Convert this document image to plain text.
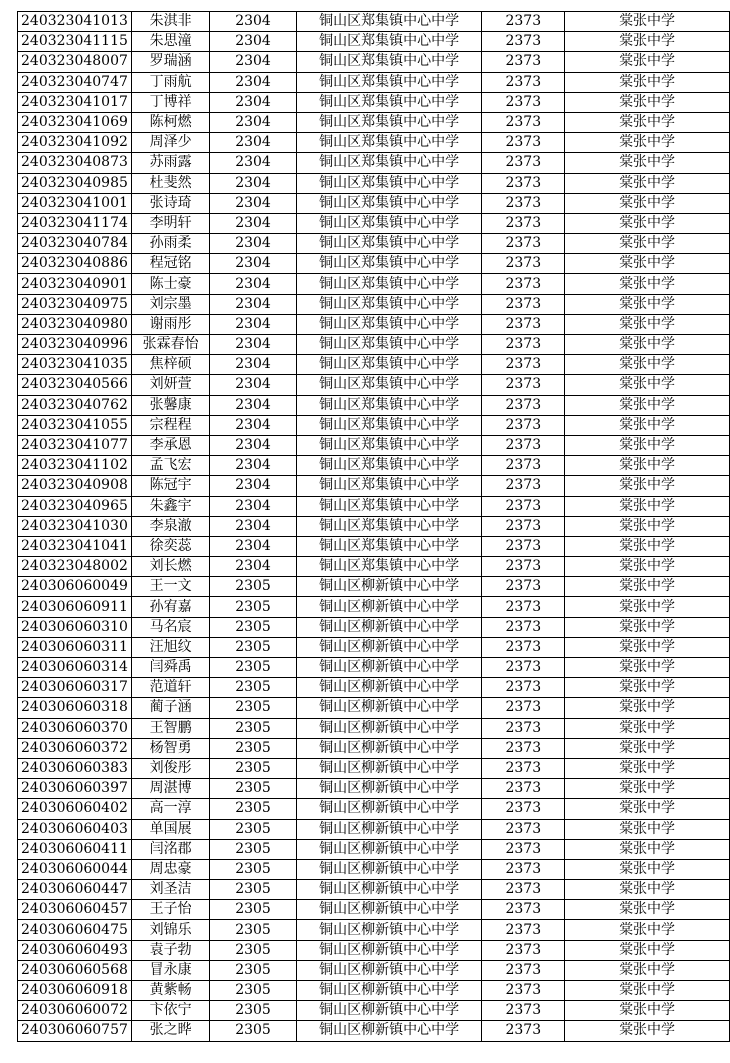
240323041013	朱淇非	2304	铜山区郑集镇中心中学	2373	棠张中学
240323041115	朱思潼	2304	铜山区郑集镇中心中学	2373	棠张中学
240323048007	罗瑞涵	2304	铜山区郑集镇中心中学	2373	棠张中学
240323040747	丁雨航	2304	铜山区郑集镇中心中学	2373	棠张中学
240323041017	丁博祥	2304	铜山区郑集镇中心中学	2373	棠张中学
240323041069	陈柯燃	2304	铜山区郑集镇中心中学	2373	棠张中学
240323041092	周泽少	2304	铜山区郑集镇中心中学	2373	棠张中学
240323040873	苏雨露	2304	铜山区郑集镇中心中学	2373	棠张中学
240323040985	杜斐然	2304	铜山区郑集镇中心中学	2373	棠张中学
240323041001	张诗琦	2304	铜山区郑集镇中心中学	2373	棠张中学
240323041174	李明轩	2304	铜山区郑集镇中心中学	2373	棠张中学
240323040784	孙雨柔	2304	铜山区郑集镇中心中学	2373	棠张中学
240323040886	程冠铭	2304	铜山区郑集镇中心中学	2373	棠张中学
240323040901	陈士豪	2304	铜山区郑集镇中心中学	2373	棠张中学
240323040975	刘宗墨	2304	铜山区郑集镇中心中学	2373	棠张中学
240323040980	谢雨彤	2304	铜山区郑集镇中心中学	2373	棠张中学
240323040996	张霖春怡	2304	铜山区郑集镇中心中学	2373	棠张中学
240323041035	焦梓硕	2304	铜山区郑集镇中心中学	2373	棠张中学
240323040566	刘妍萱	2304	铜山区郑集镇中心中学	2373	棠张中学
240323040762	张馨康	2304	铜山区郑集镇中心中学	2373	棠张中学
240323041055	宗程程	2304	铜山区郑集镇中心中学	2373	棠张中学
240323041077	李承恩	2304	铜山区郑集镇中心中学	2373	棠张中学
240323041102	孟飞宏	2304	铜山区郑集镇中心中学	2373	棠张中学
240323040908	陈冠宇	2304	铜山区郑集镇中心中学	2373	棠张中学
240323040965	朱鑫宇	2304	铜山区郑集镇中心中学	2373	棠张中学
240323041030	李泉澈	2304	铜山区郑集镇中心中学	2373	棠张中学
240323041041	徐奕蕊	2304	铜山区郑集镇中心中学	2373	棠张中学
240323048002	刘长燃	2304	铜山区郑集镇中心中学	2373	棠张中学
240306060049	王一文	2305	铜山区柳新镇中心中学	2373	棠张中学
240306060911	孙宥嘉	2305	铜山区柳新镇中心中学	2373	棠张中学
240306060310	马名宸	2305	铜山区柳新镇中心中学	2373	棠张中学
240306060311	汪旭纹	2305	铜山区柳新镇中心中学	2373	棠张中学
240306060314	闫舜禹	2305	铜山区柳新镇中心中学	2373	棠张中学
240306060317	范道轩	2305	铜山区柳新镇中心中学	2373	棠张中学
240306060318	蔺子涵	2305	铜山区柳新镇中心中学	2373	棠张中学
240306060370	王智鹏	2305	铜山区柳新镇中心中学	2373	棠张中学
240306060372	杨智勇	2305	铜山区柳新镇中心中学	2373	棠张中学
240306060383	刘俊彤	2305	铜山区柳新镇中心中学	2373	棠张中学
240306060397	周湛博	2305	铜山区柳新镇中心中学	2373	棠张中学
240306060402	高一淳	2305	铜山区柳新镇中心中学	2373	棠张中学
240306060403	单国展	2305	铜山区柳新镇中心中学	2373	棠张中学
240306060411	闫洺郡	2305	铜山区柳新镇中心中学	2373	棠张中学
240306060044	周忠豪	2305	铜山区柳新镇中心中学	2373	棠张中学
240306060447	刘圣洁	2305	铜山区柳新镇中心中学	2373	棠张中学
240306060457	王子怡	2305	铜山区柳新镇中心中学	2373	棠张中学
240306060475	刘锦乐	2305	铜山区柳新镇中心中学	2373	棠张中学
240306060493	袁子勃	2305	铜山区柳新镇中心中学	2373	棠张中学
240306060568	冒永康	2305	铜山区柳新镇中心中学	2373	棠张中学
240306060918	黄紫畅	2305	铜山区柳新镇中心中学	2373	棠张中学
240306060072	卞依宁	2305	铜山区柳新镇中心中学	2373	棠张中学
240306060757	张之晔	2305	铜山区柳新镇中心中学	2373	棠张中学
